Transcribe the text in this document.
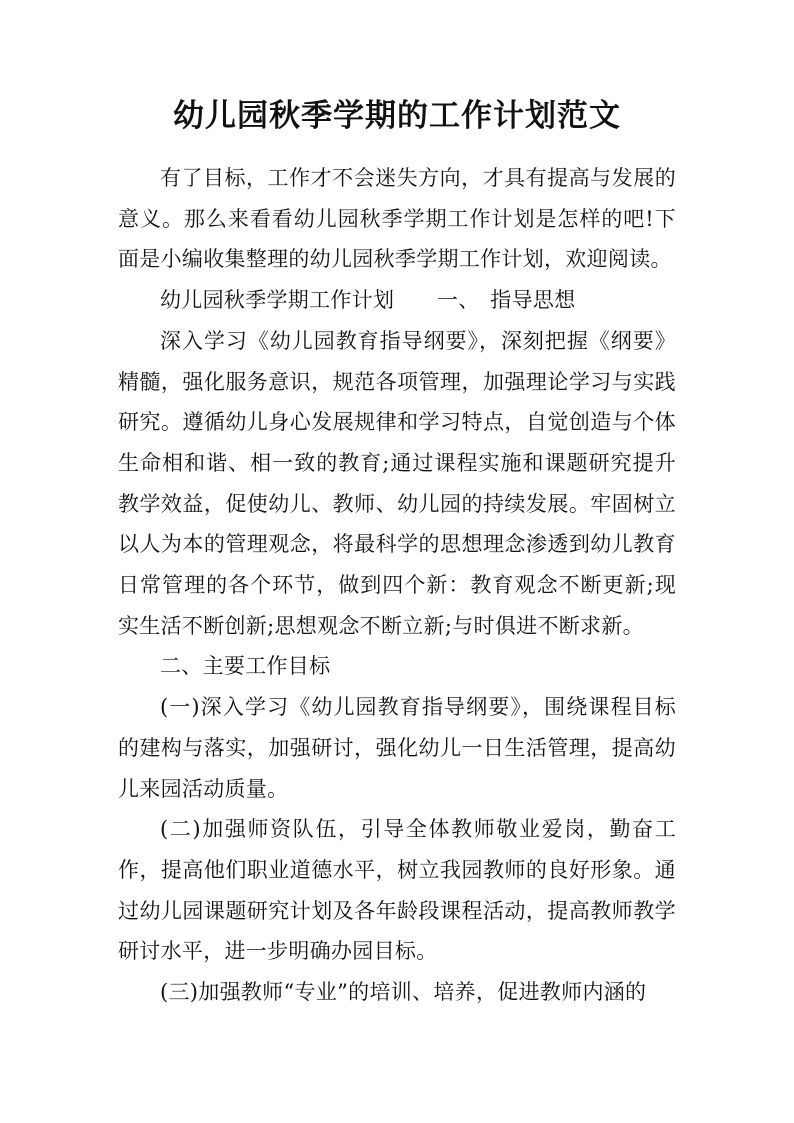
幼儿园秋季学期的工作计划范文

有了目标，工作才不会迷失方向，才具有提高与发展的意义。那么来看看幼儿园秋季学期工作计划是怎样的吧!下面是小编收集整理的幼儿园秋季学期工作计划，欢迎阅读。

幼儿园秋季学期工作计划　　一、　指导思想

深入学习《幼儿园教育指导纲要》，深刻把握《纲要》精髓，强化服务意识，规范各项管理，加强理论学习与实践研究。遵循幼儿身心发展规律和学习特点，自觉创造与个体生命相和谐、相一致的教育;通过课程实施和课题研究提升教学效益，促使幼儿、教师、幼儿园的持续发展。牢固树立以人为本的管理观念，将最科学的思想理念渗透到幼儿教育日常管理的各个环节，做到四个新：教育观念不断更新;现实生活不断创新;思想观念不断立新;与时俱进不断求新。

二、主要工作目标

(一)深入学习《幼儿园教育指导纲要》，围绕课程目标的建构与落实，加强研讨，强化幼儿一日生活管理，提高幼儿来园活动质量。

(二)加强师资队伍，引导全体教师敬业爱岗，勤奋工作，提高他们职业道德水平，树立我园教师的良好形象。通过幼儿园课题研究计划及各年龄段课程活动，提高教师教学研讨水平，进一步明确办园目标。

(三)加强教师“专业”的培训、培养，促进教师内涵的
